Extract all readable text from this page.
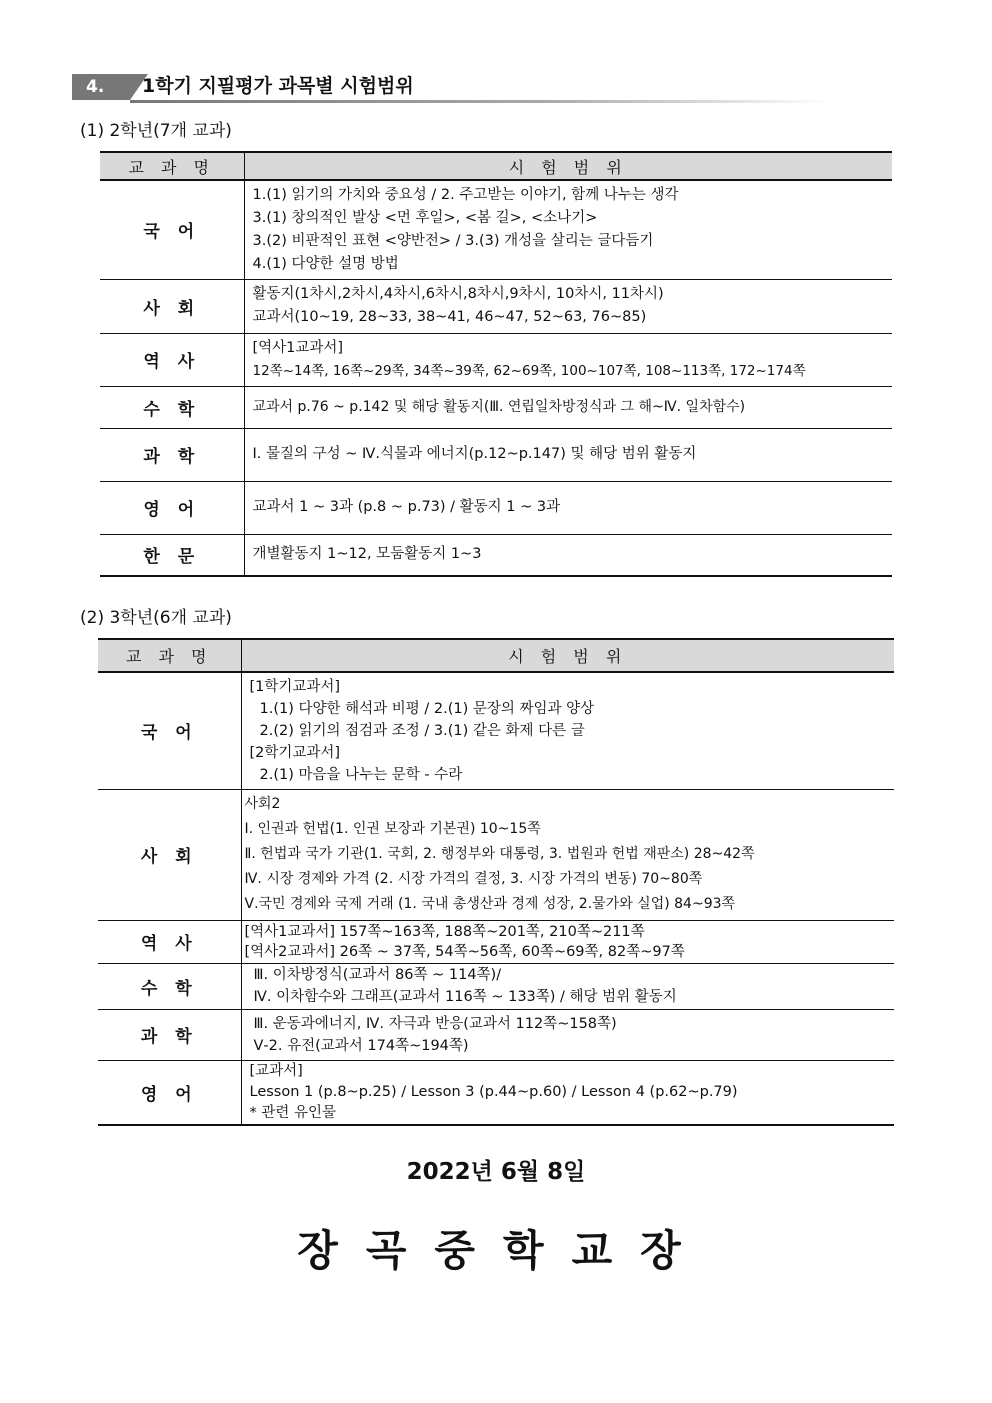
4.	1학기 지필평가 과목별 시험범위
(1) 2학년(7개 교과)
교 과 명	시 험 범 위
국 어	1.(1) 읽기의 가치와 중요성 / 2. 주고받는 이야기, 함께 나누는 생각
3.(1) 창의적인 발상 <먼 후일>, <봄 길>, <소나기>
3.(2) 비판적인 표현 <양반전> / 3.(3) 개성을 살리는 글다듬기
4.(1) 다양한 설명 방법

사 회	활동지(1차시,2차시,4차시,6차시,8차시,9차시, 10차시, 11차시)
교과서(10~19, 28~33, 38~41, 46~47, 52~63, 76~85)

역 사	[역사1교과서]
12쪽~14쪽, 16쪽~29쪽, 34쪽~39쪽, 62~69쪽, 100~107쪽, 108~113쪽, 172~174쪽

수 학	교과서 p.76 ~ p.142 및 해당 활동지(Ⅲ. 연립일차방정식과 그 해~Ⅳ. 일차함수)

과 학	Ⅰ. 물질의 구성 ~ Ⅳ.식물과 에너지(p.12~p.147) 및 해당 범위 활동지

영 어	교과서 1 ~ 3과 (p.8 ~ p.73) / 활동지 1 ~ 3과

한 문	개별활동지 1~12, 모둠활동지 1~3
(2) 3학년(6개 교과)
교 과 명	시 험 범 위
국 어	[1학기교과서]
1.(1) 다양한 해석과 비평 / 2.(1) 문장의 짜임과 양상
2.(2) 읽기의 점검과 조정 / 3.(1) 같은 화제 다른 글
[2학기교과서]
2.(1) 마음을 나누는 문학 - 수라

사 회	사회2
Ⅰ. 인권과 헌법(1. 인권 보장과 기본권) 10~15쪽
Ⅱ. 헌법과 국가 기관(1. 국회, 2. 행정부와 대통령, 3. 법원과 헌법 재판소) 28~42쪽
Ⅳ. 시장 경제와 가격 (2. 시장 가격의 결정, 3. 시장 가격의 변동) 70~80쪽
Ⅴ.국민 경제와 국제 거래 (1. 국내 총생산과 경제 성장, 2.물가와 실업) 84~93쪽

역 사	[역사1교과서] 157쪽~163쪽, 188쪽~201쪽, 210쪽~211쪽
[역사2교과서] 26쪽 ~ 37쪽, 54쪽~56쪽, 60쪽~69쪽, 82쪽~97쪽

수 학	Ⅲ. 이차방정식(교과서 86쪽 ~ 114쪽)/
Ⅳ. 이차함수와 그래프(교과서 116쪽 ~ 133쪽) / 해당 범위 활동지

과 학	Ⅲ. 운동과에너지, Ⅳ. 자극과 반응(교과서 112쪽~158쪽)
Ⅴ-2. 유전(교과서 174쪽~194쪽)

영 어	[교과서]
Lesson 1 (p.8~p.25) / Lesson 3 (p.44~p.60) / Lesson 4 (p.62~p.79)
* 관련 유인물
2022년 6월 8일
장곡중학교장
